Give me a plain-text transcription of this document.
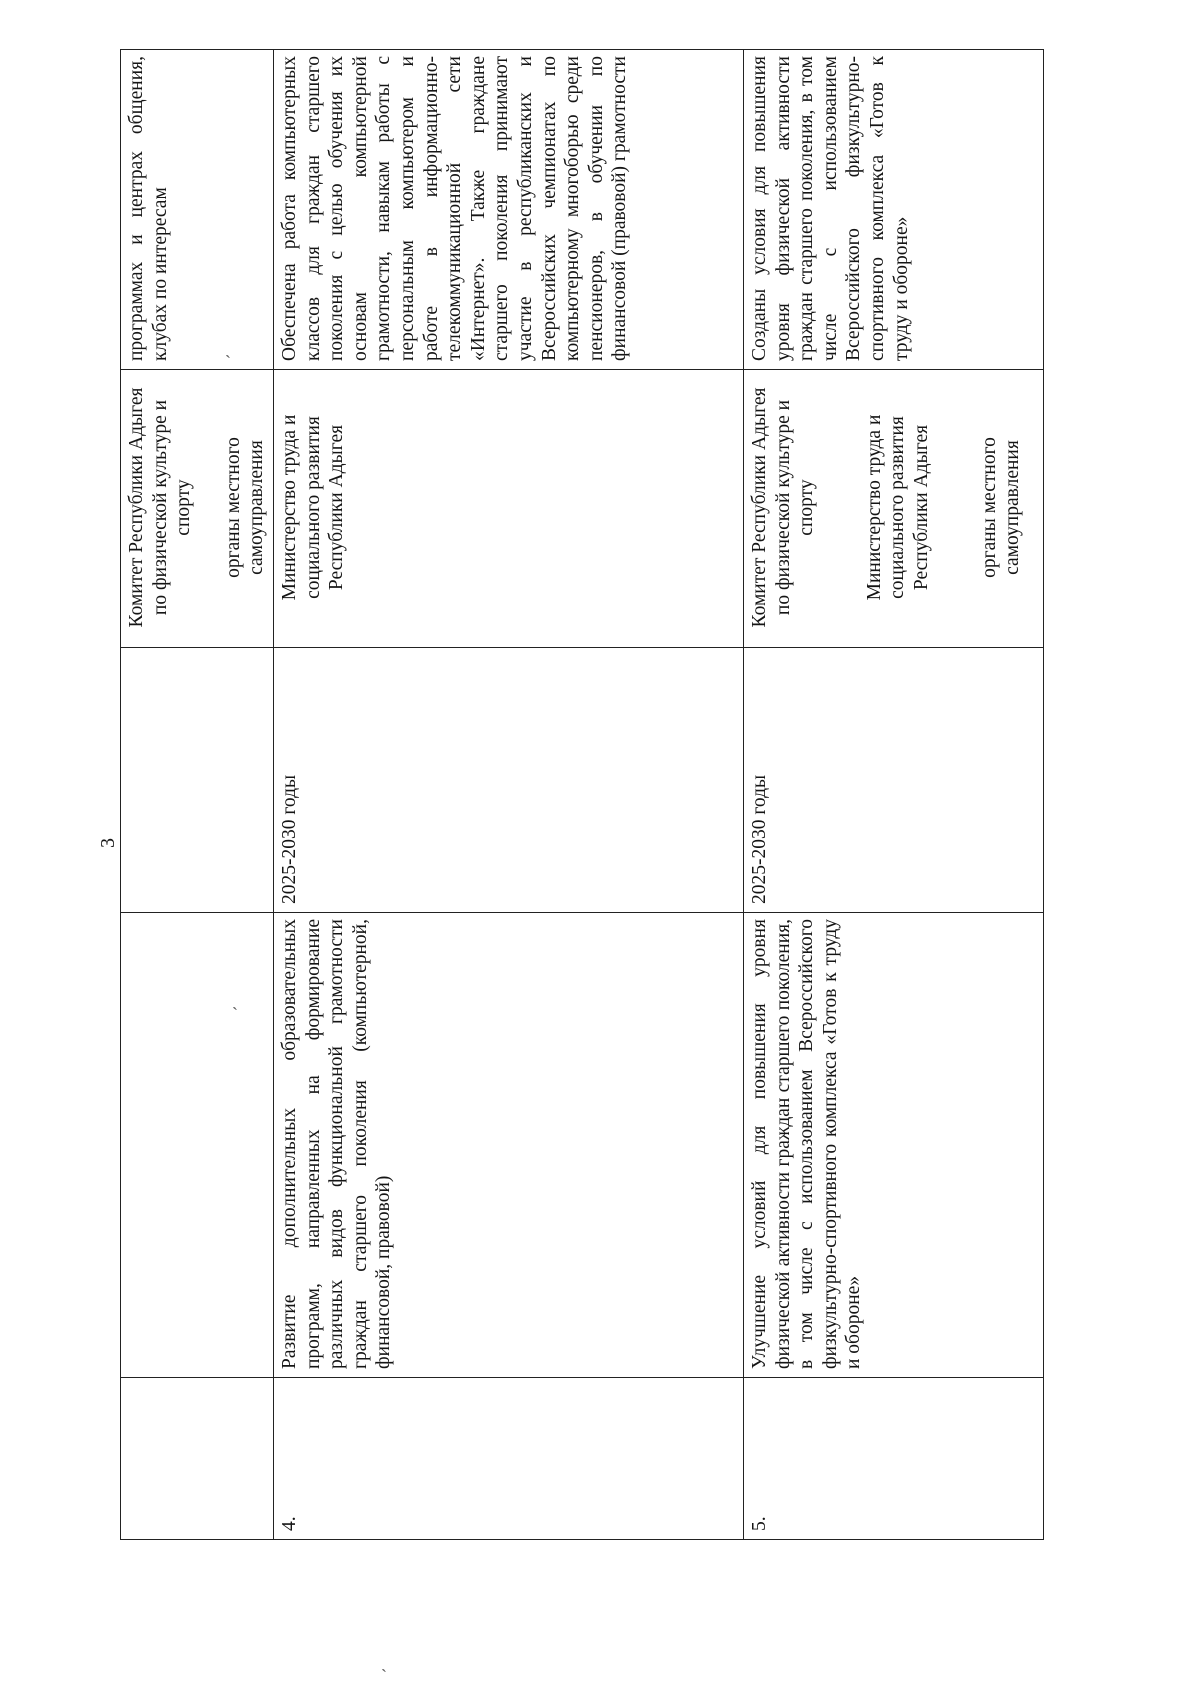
3
ˏ
ˏ
ˎ

			Комитет Республики Адыгея по физической культуре и спорту органы местного самоуправления	программах и центрах общения, клубах по интересам
4.	Развитие дополнительных образовательных программ, направленных на формирование различных видов функциональной грамотности граждан старшего поколения (компьютерной, финансовой, правовой)	2025-2030 годы	Министерство труда и социального развития Республики Адыгея	Обеспечена работа компьютерных классов для граждан старшего поколения с целью обучения их основам компьютерной грамотности, навыкам работы с персональным компьютером и работе в информационно-телекоммуникационной сети «Интернет». Также граждане старшего поколения принимают участие в республиканских и Всероссийских чемпионатах по компьютерному многоборью среди пенсионеров, в обучении по финансовой (правовой) грамотности
5.	Улучшение условий для повышения уровня физической активности граждан старшего поколения, в том числе с использованием Всероссийского физкультурно-спортивного комплекса «Готов к труду и обороне»	2025-2030 годы	Комитет Республики Адыгея по физической культуре и спорту Министерство труда и социального развития Республики Адыгея органы местного самоуправления	Созданы условия для повышения уровня физической активности граждан старшего поколения, в том числе с использованием Всероссийского физкультурно-спортивного комплекса «Готов к труду и обороне»
